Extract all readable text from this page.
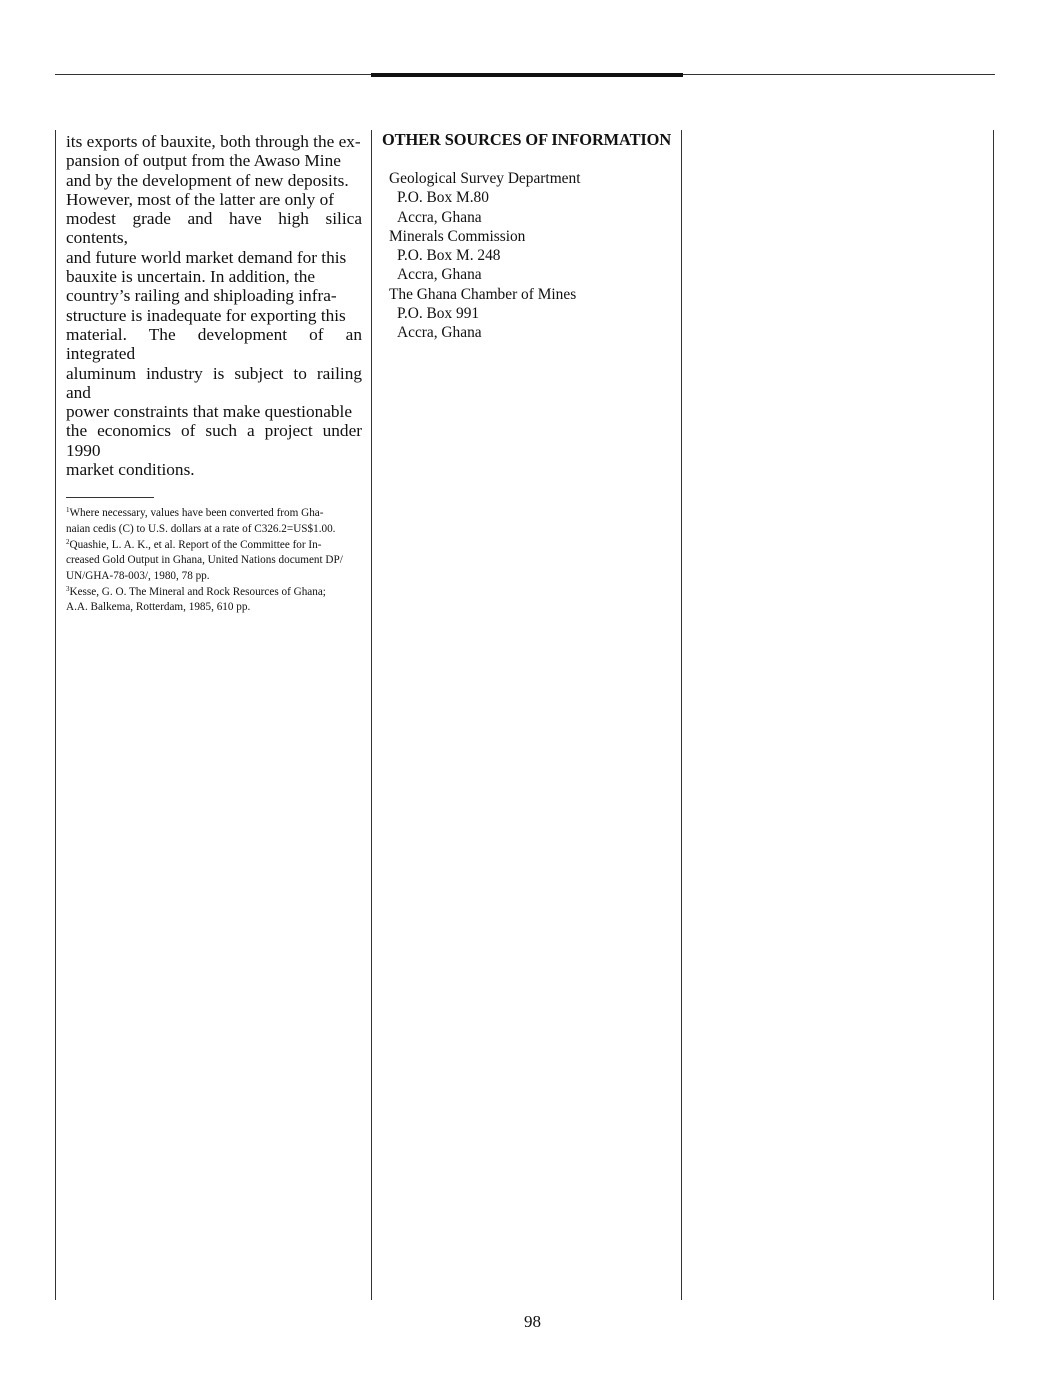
its exports of bauxite, both through the ex-
pansion of output from the Awaso Mine
and by the development of new deposits.
However, most of the latter are only of
modest grade and have high silica contents,
and future world market demand for this
bauxite is uncertain. In addition, the
country’s railing and shiploading infra-
structure is inadequate for exporting this
material. The development of an integrated
aluminum industry is subject to railing and
power constraints that make questionable
the economics of such a project under 1990
market conditions.

$^1$Where necessary, values have been converted from Gha-
naian cedis (C) to U.S. dollars at a rate of C326.2=US$1.00.
$^2$Quashie, L. A. K., et al. Report of the Committee for In-
creased Gold Output in Ghana, United Nations document DP/
UN/GHA-78-003/, 1980, 78 pp.
$^3$Kesse, G. O. The Mineral and Rock Resources of Ghana;
A.A. Balkema, Rotterdam, 1985, 610 pp.
OTHER SOURCES OF INFORMATION
Geological Survey Department
P.O. Box M.80
Accra, Ghana
Minerals Commission
P.O. Box M. 248
Accra, Ghana
The Ghana Chamber of Mines
P.O. Box 991
Accra, Ghana
98
